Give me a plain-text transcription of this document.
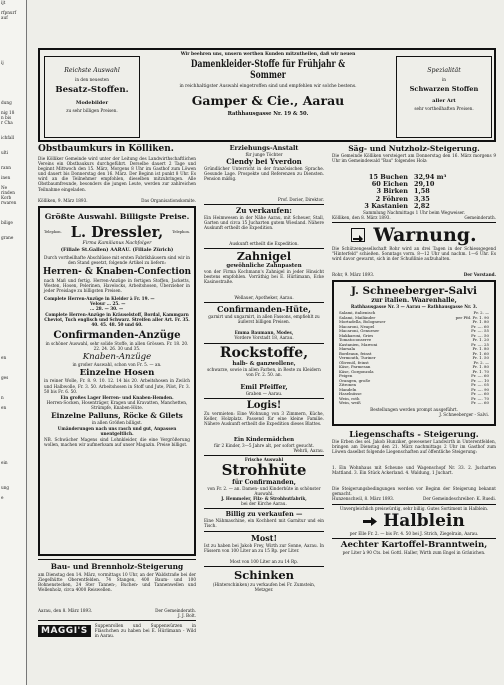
ijt

rfpnurf
auf

ij

dung

nig 18
n bis
r Cha

ichfall

ulti

rann

inen

Ne
rinden
Korb
rwaren

bilige

grane

en

ges

n

en

ein

ung

e
Wir beehren uns, unsern werthen Kunden mitzutheilen, daß wir neuen
Reichste Auswahl
in den neuesten
Besatz-Stoffen.
Modebilder
zu sehr billigen Preisen.
Damenkleider-Stoffe für Frühjahr & Sommer
in reichhaltigster Auswahl eingetroffen sind und empfehlen wir solche bestens.
Gamper & Cie., Aarau
Rathhausgasse Nr. 19 & 50.
Spezialität
in
Schwarzen Stoffen
aller Art
sehr vortheilhaften Preisen.
Obstbaumkurs in Kölliken.
Die Kölliker Gemeinde wird unter der Leitung des Landwirthschaftlichen Vereins ein Obstbaukurs durchgeführt. Derselbe dauert 2 Tage und beginnt Mittwoch den 15. März, Morgens 8 Uhr im Gasthof zum Löwen und dauert bis Donnerstag den 16. März. Der Beginn ist punkt 8 Uhr. Es wird an die Teilnehmer empfohlen, dieselben mitzubringen. Alle Obstbaumfreunde, besonders die jungen Leute, werden zur zahlreichen Teilnahme eingeladen.
Kölliken, 9. März 1893.	Das Organisationskomite.
Größte Auswahl. Billigste Preise.
Telephon. L. Dressler,	Telephon.
Firma Kamilianus Nachfolger
(Filiale St.Gallen) AARAU. (Filiale Zürich)
Durch vortheilhafte Abschlüsse mit ersten Fabrikhäusern sind wir in den Stand gesetzt, folgende Artikel zu liefern:
Herren- & Knaben-Confection
nach Maß und fertig. Herren-Anzüge in fertigen Stoffen, Jacketts, Westen, Hosen, Pelerinen, Havelocks, Arbeitshosen, Überzieher in jeder Preislage zu billigsten Preisen.
Complete Herren-Anzüge in Kleider à Fr. 19. —
Velour ... 25. —
... 28. — 30. —
Complete Herren-Anzüge in Kräuselstoff, Bordal, Kammgarn Cheviot, Tuch englisch und Schwarz. Streifen aller Art. Fr. 35. 40. 45. 48. 50 und 60.
Confirmanden-Anzüge
in schöner Auswahl, sehr solide Stoffe, in allen Grössen. Fr. 18. 20. 22. 24. 26. 30 und 35.
Knaben-Anzüge
in großer Auswahl, schon von Fr. 5. — an.
Einzelne Hosen
in reiner Wolle, Fr. 8. 9. 10. 12. 14 bis 20. Arbeitshosen in Zwilch und Halbwolle, Fr. 3. 50. Arbeitshosen in Stoff und Jute, Pilot, Fr. 3. 50 bis Fr. 6. 50.
Ein großes Lager Herren- und Knaben-Hemden.
Herren-Socken, Hosenträger, Kragen und Kravatten, Manchetten, Strümpfe, Knaben-Hüte.
Einzelne Palluns, Röcke & Gilets
in allen Größen billigst.
Umänderungen nach uns rasch und gut, Anpassen unentgeltlich.
NB. Schwächer Magens sind Lohnkleider, die eine Vergrößerung wollen, machen wir aufmerksam auf unser Magazin. Preise billigst.
Bau- und Brennholz-Steigerung
am Dienstag den 14. März, vormittags 10 Uhr, an der Waldstraße bei der Ziegelhütte Oberentfelden. 74 Stangen, 400 Baum- und 100 Bohnenstecken, 24 Ster Tannen-, Buchen- und Tannenwellen und Wellenholz, circa 4000 Reiswellen.
Aarau, den 8. März 1893.	Der Gemeinderath.
J. J. Bolt.
MAGGI'S
Suppenrollen und Suppenwürzen in Fläschchen zu haben bei E. Hürlimann - Wild in Aarau.
Erziehungs-Anstalt
für junge Töchter
Clendy bei Yverdon
Gründlicher Unterricht in der französischen Sprache. Gesunde Lage. Prospekte und Referenzen zu Diensten. Pension mäßig.
Prof. Dorier, Direktor.
Zu verkaufen:
Ein Heimwesen in der Nähe Aarau, mit Scheuer, Stall, Garten und circa 15 Jucharten gutem Wiesland. Nähere Auskunft ertheilt die Expedition.
Auskunft ertheilt die Expedition.
Zahnigel
gewöhnliche Zahnpasten
von der Firma Kochmann's Zahnigel in jeder Hinsicht bestens empfohlen. Vorräthig bei E. Hürlimann, Ecke Kasinostraße.
Wellauer, Apotheker, Aarau.
Confirmanden-Hüte,
garnirt und ungarnirt, in allen Fassons, empfiehlt zu äußerst billigen Preisen.
Emma Baumann, Modes,
Vordere Vorstadt 18, Aarau.
Rockstoffe,
halb- & ganzwollene,
schwarze, sowie in allen Farben, in Reste zu Kleidern von Fr. 2. 50. an.
Emil Pfeiffer,
Graben — Aarau.
Logis!
Zu vermieten: Eine Wohnung von 3 Zimmern, Küche, Keller, Holzplatz. Passend für eine kleine Familie. Nähere Auskunft ertheilt die Expedition dieses Blattes.
Ein Kindermädchen
für 2 Kinder, 3—5 Jahre alt, per sofort gesucht.
Wehrli, Aarau.
Frische Auswahl
Strohhüte
für Confirmanden,
von Fr. 2. — an. Damen- und Kinderhüte in schönster Auswahl.
J. Hemmeler, Filz- & Strohhutfabrik,
bei der Kirche Aarau.
Billig zu verkaufen —
Eine Nähmaschine, ein Kochherd mit Garnitur und ein Tisch.
Most!
Ist zu haben bei Jakob Frey, Wirth zur Sonne, Aarau. In Fässern von 100 Liter an zu 15 Rp. per Liter.
Most von 100 Liter an zu 14 Rp.
Schinken
(Hinterschinken) zu verkaufen bei Fr. Zumstein, Metzger.
Säg- und Nutzholz-Steigerung.
Die Gemeinde Kölliken versteigert am Donnerstag den 16. März morgens 9 Uhr im Gemeindewald "Bau" folgendes Holz:
15 Buchen 32,94 m³
60 Eichen 29,10
3 Birken 1,58
2 Föhren 3,35
3 Kastanien 2,82
Sammlung Nachmittags 1 Uhr beim Wegweiser.
Kölliken, den 8. März 1893.	Gemeinderath.
Warnung.
Die Schützengesellschaft Rohr wird an drei Tagen in der Schiessgegend "Hinterfeld" schießen. Sonntags vorm. 8—12 Uhr und nachm. 1—6 Uhr. Es wird davor gewarnt, sich in der Schußlinie aufzuhalten.
Rohr, 9. März 1893.	Der Vorstand.
J. Schneeberger-Salvi
zur italien. Waarenhalle,
Rathhausgasse Nr. 3 — Aarau — Rathhausgasse Nr. 3.
Salami, italienisch	Fr. 2. —
Salami, Mailänder	per Pfd. Fr. 1. 90
Mortadella, Bologneser	Fr. 1. 80
Macaroni, Neapel	Fr. —. 60
Macaroni, Genueser	Fr. —. 55
Makkaroni, Gries	Fr. —. 50
Tomatoconserve	Fr. 1. 20
Kastanien, Marroni	Fr. —. 25
Marsala	Fr. 1. 80
Bordeaux, feinst	Fr. 1. 60
Vermouth, Turiner	Fr. 1. 50
Olivenöl, feinst	Fr. 2. —
Käse, Parmesan	Fr. 1. 80
Käse, Gorgonzola	Fr. 1. 70
Feigen	Fr. —. 60
Orangen, große	Fr. —. 10
Zitronen	Fr. —. 05
Mandeln	Fr. —. 90
Haselnüsse	Fr. —. 60
Wein, roth	Fr. —. 70
Wein, weiß	Fr. —. 60
Bestellungen werden prompt ausgeführt.
J. Schneeberger - Salvi.
Liegenschafts - Steigerung.
Die Erben des sel. Jakob Hunziker, gewesener Landwirth in Unterentfelden, bringen am Dienstag den 21. März nachmittags 2 Uhr im Gasthof zum Löwen daselbst folgende Liegenschaften auf öffentliche Steigerung:
1. Ein Wohnhaus mit Scheune und Wagenschopf Nr. 33. 2. Jucharten Mattland. 3. Ein Stück Ackerland. 4. Waldung, 1 Juchart.
Die Steigerungsbedingungen werden vor Beginn der Steigerung bekannt gemacht.
Hunzenschwil, 8. März 1893.	Der Gemeindeschreiber: K. Ruedi.
Unvergleichlich preiswürdig, sehr billig. Gutes Sortiment in Halblein.
Halblein
per Elle Fr. 2. — bis Fr. 4. 50 bei J. Strich, Ziegelrain, Aarau.
Aechter Kartoffel-Branntwein,
per Liter à 90 Cts. bei Gottl. Haller, Wirth zum Engel in Gränichen.
